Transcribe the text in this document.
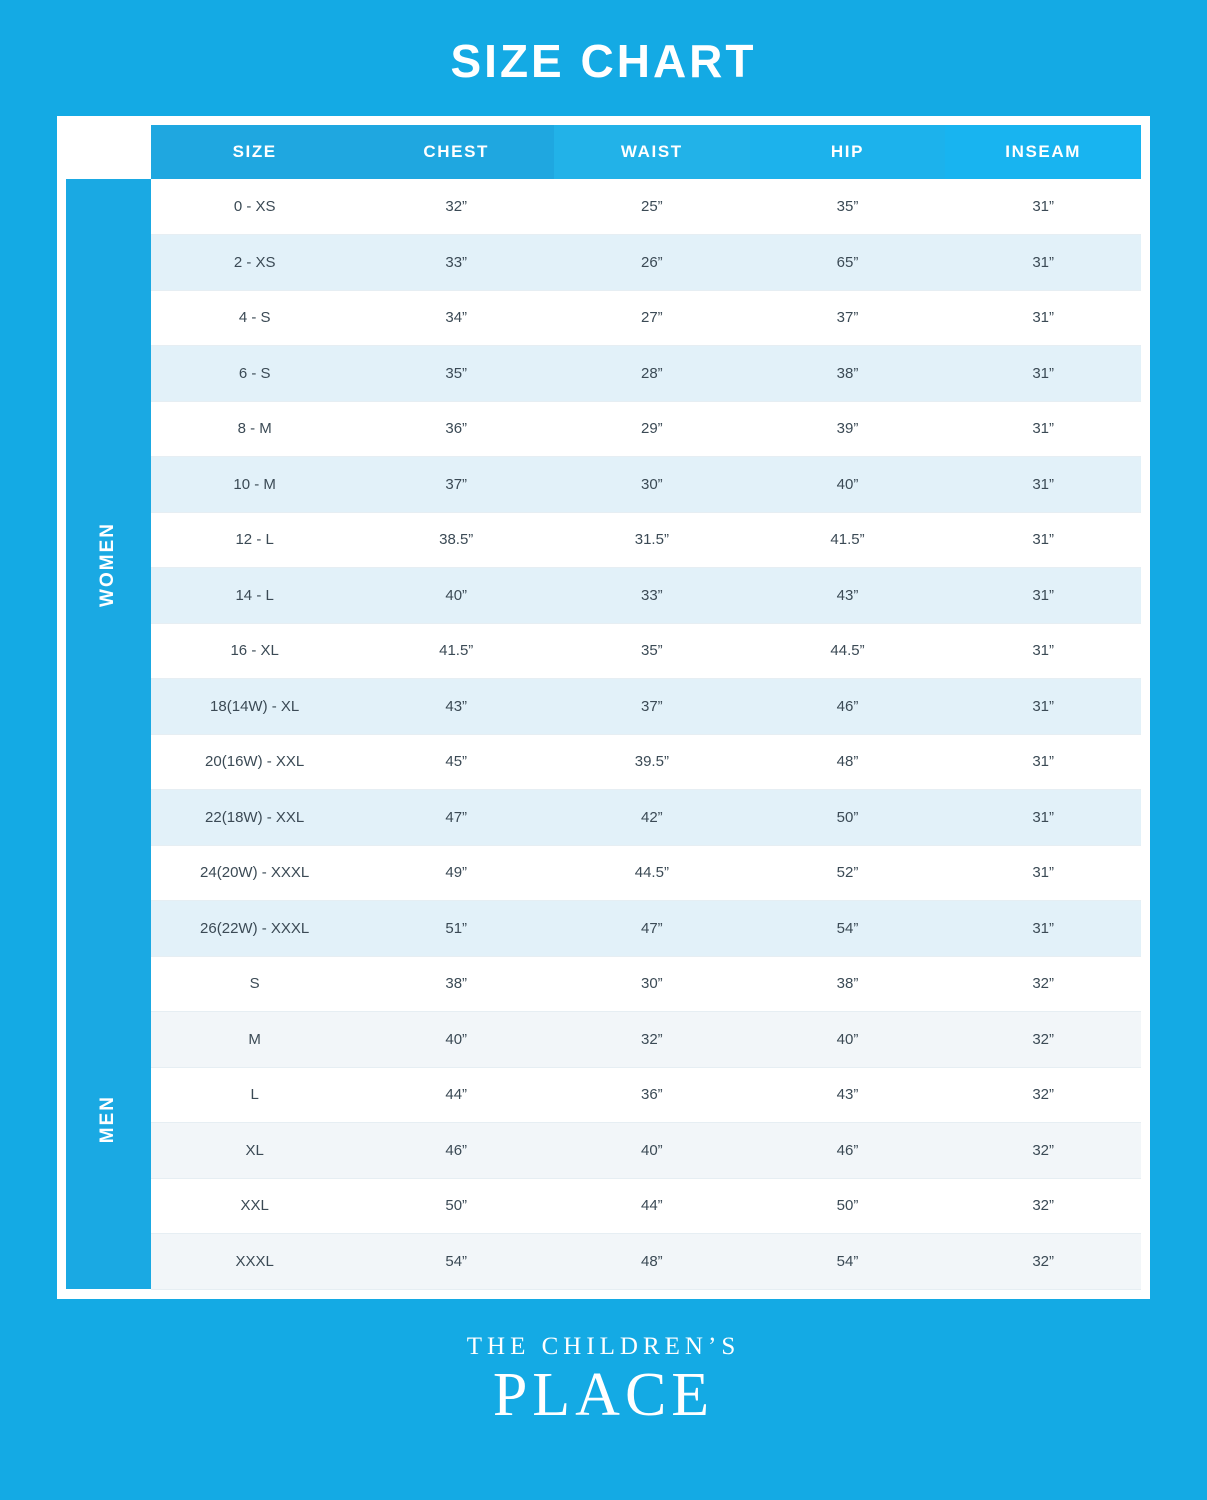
SIZE CHART
	SIZE	CHEST	WAIST	HIP	INSEAM
WOMEN	0 - XS	32”	25”	35”	31”
	2 - XS	33”	26”	65”	31”
	4 - S	34”	27”	37”	31”
	6 - S	35”	28”	38”	31”
	8 - M	36”	29”	39”	31”
	10 - M	37”	30”	40”	31”
	12 - L	38.5”	31.5”	41.5”	31”
	14 - L	40”	33”	43”	31”
	16 - XL	41.5”	35”	44.5”	31”
	18(14W) - XL	43”	37”	46”	31”
	20(16W) - XXL	45”	39.5”	48”	31”
	22(18W) - XXL	47”	42”	50”	31”
	24(20W) - XXXL	49”	44.5”	52”	31”
	26(22W) - XXXL	51”	47”	54”	31”
MEN	S	38”	30”	38”	32”
	M	40”	32”	40”	32”
	L	44”	36”	43”	32”
	XL	46”	40”	46”	32”
	XXL	50”	44”	50”	32”
	XXXL	54”	48”	54”	32”
THE CHILDREN’S
PLACE
